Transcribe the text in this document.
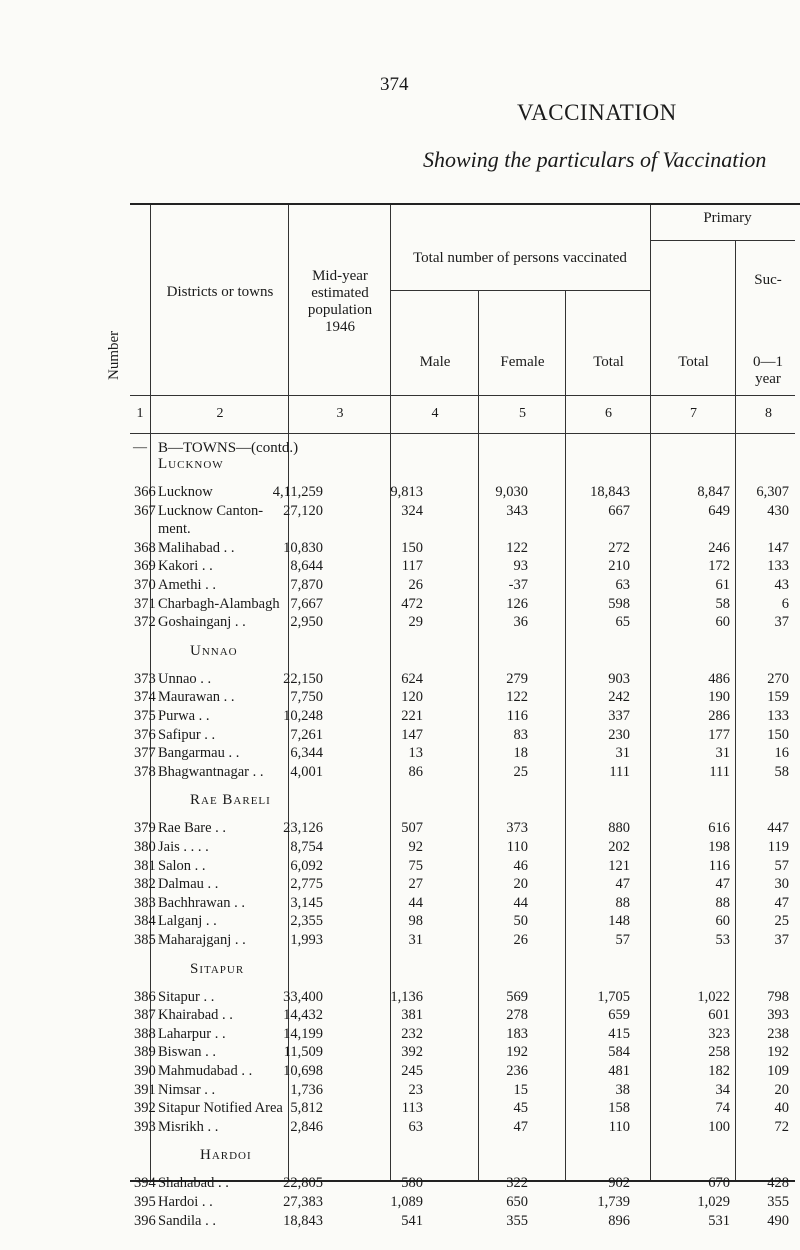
374
VACCINATION
Showing the particulars of Vaccination
Number
Districts or towns
Mid-year estimated population 1946
Total number of persons vaccinated
Male	Female	Total
Primary
Total
Suc-
0—1 year
1	2	3	4	5	6	7	8
— B—TOWNS—(contd.)
366 Lucknow	4,11,259	9,813	9,030	18,843	8,847 6,307
367 Lucknow Canton- 27,120	324	343	667	649	430
ment.
368 Malihabad . .	10,830	150	122	272	246	147
369 Kakori . .	8,644	117	93	210	172	133
370 Amethi . .	7,870	26	-37	63	61	43
371 Charbagh-Alambagh 7,667	472	126	598	58	6
372 Goshainganj . .	2,950	29	36	65	60	37
Unnao
373 Unnao . .	22,150	624	279	903	486	270
374 Maurawan . .	7,750	120	122	242	190	159
375 Purwa . .	10,248	221	116	337	286	133
376 Safipur . .	7,261	147	83	230	177	150
377 Bangarmau . .	6,344	13	18	31	31	16
378 Bhagwantnagar . . 4,001	86	25	111	111	58
Rae Bareli
379 Rae Bare . .	23,126	507	373	880	616	447
380 Jais . . . .	8,754	92	110	202	198	119
381 Salon . .	6,092	75	46	121	116	57
382 Dalmau . .	2,775	27	20	47	47	30
383 Bachhrawan . .	3,145	44	44	88	88	47
384 Lalganj . .	2,355	98	50	148	60	25
385 Maharajganj . .	1,993	31	26	57	53	37
Sitapur
386 Sitapur . .	33,400	1,136	569	1,705	1,022	798
387 Khairabad . .	14,432	381	278	659	601	393
388 Laharpur . .	14,199	232	183	415	323	238
389 Biswan . .	11,509	392	192	584	258	192
390 Mahmudabad . . 10,698	245	236	481	182	109
391 Nimsar . .	1,736	23	15	38	34	20
392 Sitapur Notified Area 5,812	113	45	158	74	40
393 Misrikh . .	2,846	63	47	110	100	72
Hardoi
394 Shahabad . .	22,805	580	322	902	670	428
395 Hardoi . .	27,383	1,089	650	1,739	1,029	355
396 Sandila . .	18,843	541	355	896	531	490
Lucknow
